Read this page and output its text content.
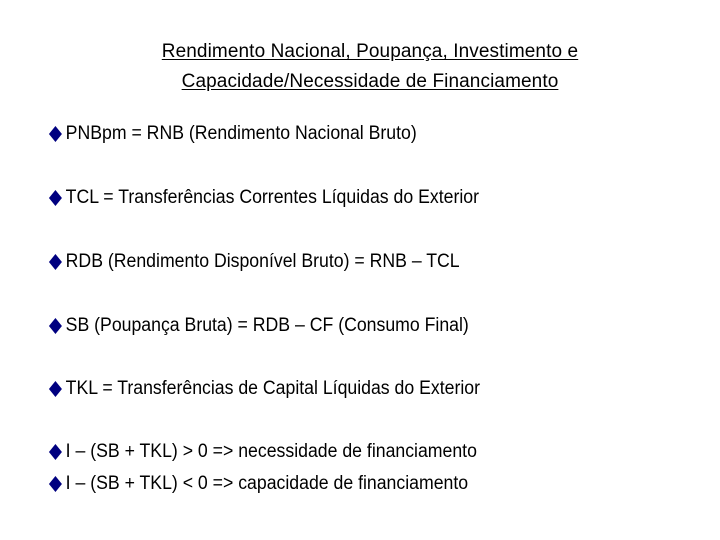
Rendimento Nacional, Poupança, Investimento e
Capacidade/Necessidade de Financiamento
PNBpm = RNB (Rendimento Nacional Bruto)
TCL = Transferências Correntes Líquidas do Exterior
RDB (Rendimento Disponível Bruto) = RNB – TCL
SB (Poupança Bruta) = RDB – CF (Consumo Final)
TKL = Transferências de Capital Líquidas do Exterior
I – (SB + TKL) > 0 => necessidade de financiamento
I – (SB + TKL) < 0 => capacidade de financiamento
